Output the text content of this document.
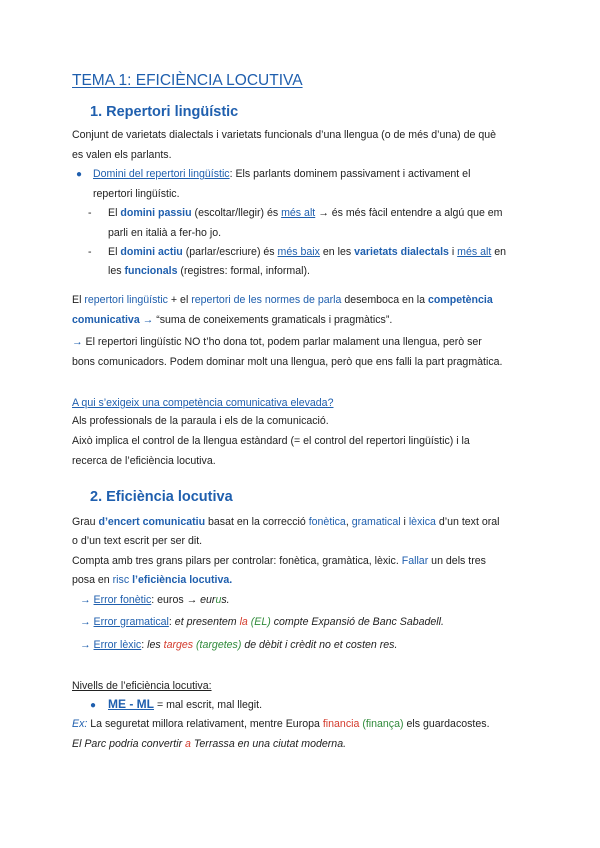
TEMA 1: EFICIÈNCIA LOCUTIVA
1. Repertori lingüístic
Conjunt de varietats dialectals i varietats funcionals d’una llengua (o de més d’una) de què
es valen els parlants.
● Domini del repertori lingüístic: Els parlants dominem passivament i activament el
repertori lingüístic.
- El domini passiu (escoltar/llegir) és més alt → és més fàcil entendre a algú que em
parli en italià a fer-ho jo.
- El domini actiu (parlar/escriure) és més baix en les varietats dialectals i més alt en
les funcionals (registres: formal, informal).
El repertori lingüístic + el repertori de les normes de parla desemboca en la competència
comunicativa → “suma de coneixements gramaticals i pragmàtics”.
→ El repertori lingüístic NO t’ho dona tot, podem parlar malament una llengua, però ser
bons comunicadors. Podem dominar molt una llengua, però que ens falli la part pragmàtica.
A qui s’exigeix una competència comunicativa elevada?
Als professionals de la paraula i els de la comunicació.
Això implica el control de la llengua estàndard (= el control del repertori lingüístic) i la
recerca de l’eficiència locutiva.
2. Eficiència locutiva
Grau d’encert comunicatiu basat en la correcció fonètica, gramatical i lèxica d’un text oral
o d’un text escrit per ser dit.
Compta amb tres grans pilars per controlar: fonètica, gramàtica, lèxic. Fallar un dels tres
posa en risc l’eficiència locutiva.
→ Error fonètic: euros → eurus.
→ Error gramatical: et presentem la (EL) compte Expansió de Banc Sabadell.
→ Error lèxic: les targes (targetes) de dèbit i crèdit no et costen res.
Nivells de l’eficiència locutiva:
● ME - ML = mal escrit, mal llegit.
Ex: La seguretat millora relativament, mentre Europa financia (finança) els guardacostes.
El Parc podria convertir a Terrassa en una ciutat moderna.
